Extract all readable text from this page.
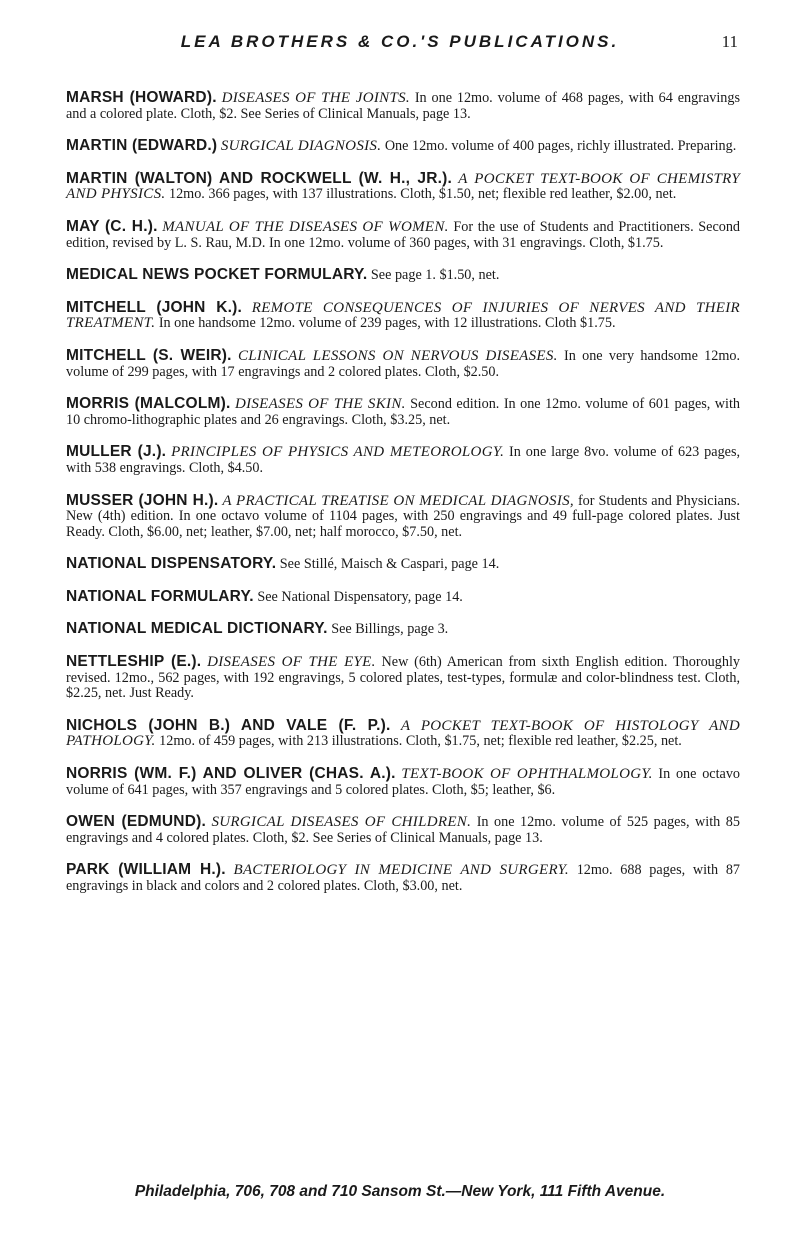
LEA BROTHERS & CO.'S PUBLICATIONS.	11

MARSH (HOWARD). DISEASES OF THE JOINTS. In one 12mo. volume of 468 pages, with 64 engravings and a colored plate. Cloth, $2. See Series of Clinical Manuals, page 13.

MARTIN (EDWARD.) SURGICAL DIAGNOSIS. One 12mo. volume of 400 pages, richly illustrated. Preparing.

MARTIN (WALTON) AND ROCKWELL (W. H., JR.). A POCKET TEXT-BOOK OF CHEMISTRY AND PHYSICS. 12mo. 366 pages, with 137 illustrations. Cloth, $1.50, net; flexible red leather, $2.00, net.

MAY (C. H.). MANUAL OF THE DISEASES OF WOMEN. For the use of Students and Practitioners. Second edition, revised by L. S. Rau, M.D. In one 12mo. volume of 360 pages, with 31 engravings. Cloth, $1.75.

MEDICAL NEWS POCKET FORMULARY. See page 1. $1.50, net.

MITCHELL (JOHN K.). REMOTE CONSEQUENCES OF INJURIES OF NERVES AND THEIR TREATMENT. In one handsome 12mo. volume of 239 pages, with 12 illustrations. Cloth $1.75.

MITCHELL (S. WEIR). CLINICAL LESSONS ON NERVOUS DISEASES. In one very handsome 12mo. volume of 299 pages, with 17 engravings and 2 colored plates. Cloth, $2.50.

MORRIS (MALCOLM). DISEASES OF THE SKIN. Second edition. In one 12mo. volume of 601 pages, with 10 chromo-lithographic plates and 26 engravings. Cloth, $3.25, net.

MULLER (J.). PRINCIPLES OF PHYSICS AND METEOROLOGY. In one large 8vo. volume of 623 pages, with 538 engravings. Cloth, $4.50.

MUSSER (JOHN H.). A PRACTICAL TREATISE ON MEDICAL DIAGNOSIS, for Students and Physicians. New (4th) edition. In one octavo volume of 1104 pages, with 250 engravings and 49 full-page colored plates. Just Ready. Cloth, $6.00, net; leather, $7.00, net; half morocco, $7.50, net.

NATIONAL DISPENSATORY. See Stillé, Maisch & Caspari, page 14.

NATIONAL FORMULARY. See National Dispensatory, page 14.

NATIONAL MEDICAL DICTIONARY. See Billings, page 3.

NETTLESHIP (E.). DISEASES OF THE EYE. New (6th) American from sixth English edition. Thoroughly revised. 12mo., 562 pages, with 192 engravings, 5 colored plates, test-types, formulæ and color-blindness test. Cloth, $2.25, net. Just Ready.

NICHOLS (JOHN B.) AND VALE (F. P.). A POCKET TEXT-BOOK OF HISTOLOGY AND PATHOLOGY. 12mo. of 459 pages, with 213 illustrations. Cloth, $1.75, net; flexible red leather, $2.25, net.

NORRIS (WM. F.) AND OLIVER (CHAS. A.). TEXT-BOOK OF OPHTHALMOLOGY. In one octavo volume of 641 pages, with 357 engravings and 5 colored plates. Cloth, $5; leather, $6.

OWEN (EDMUND). SURGICAL DISEASES OF CHILDREN. In one 12mo. volume of 525 pages, with 85 engravings and 4 colored plates. Cloth, $2. See Series of Clinical Manuals, page 13.

PARK (WILLIAM H.). BACTERIOLOGY IN MEDICINE AND SURGERY. 12mo. 688 pages, with 87 engravings in black and colors and 2 colored plates. Cloth, $3.00, net.

Philadelphia, 706, 708 and 710 Sansom St.—New York, 111 Fifth Avenue.
